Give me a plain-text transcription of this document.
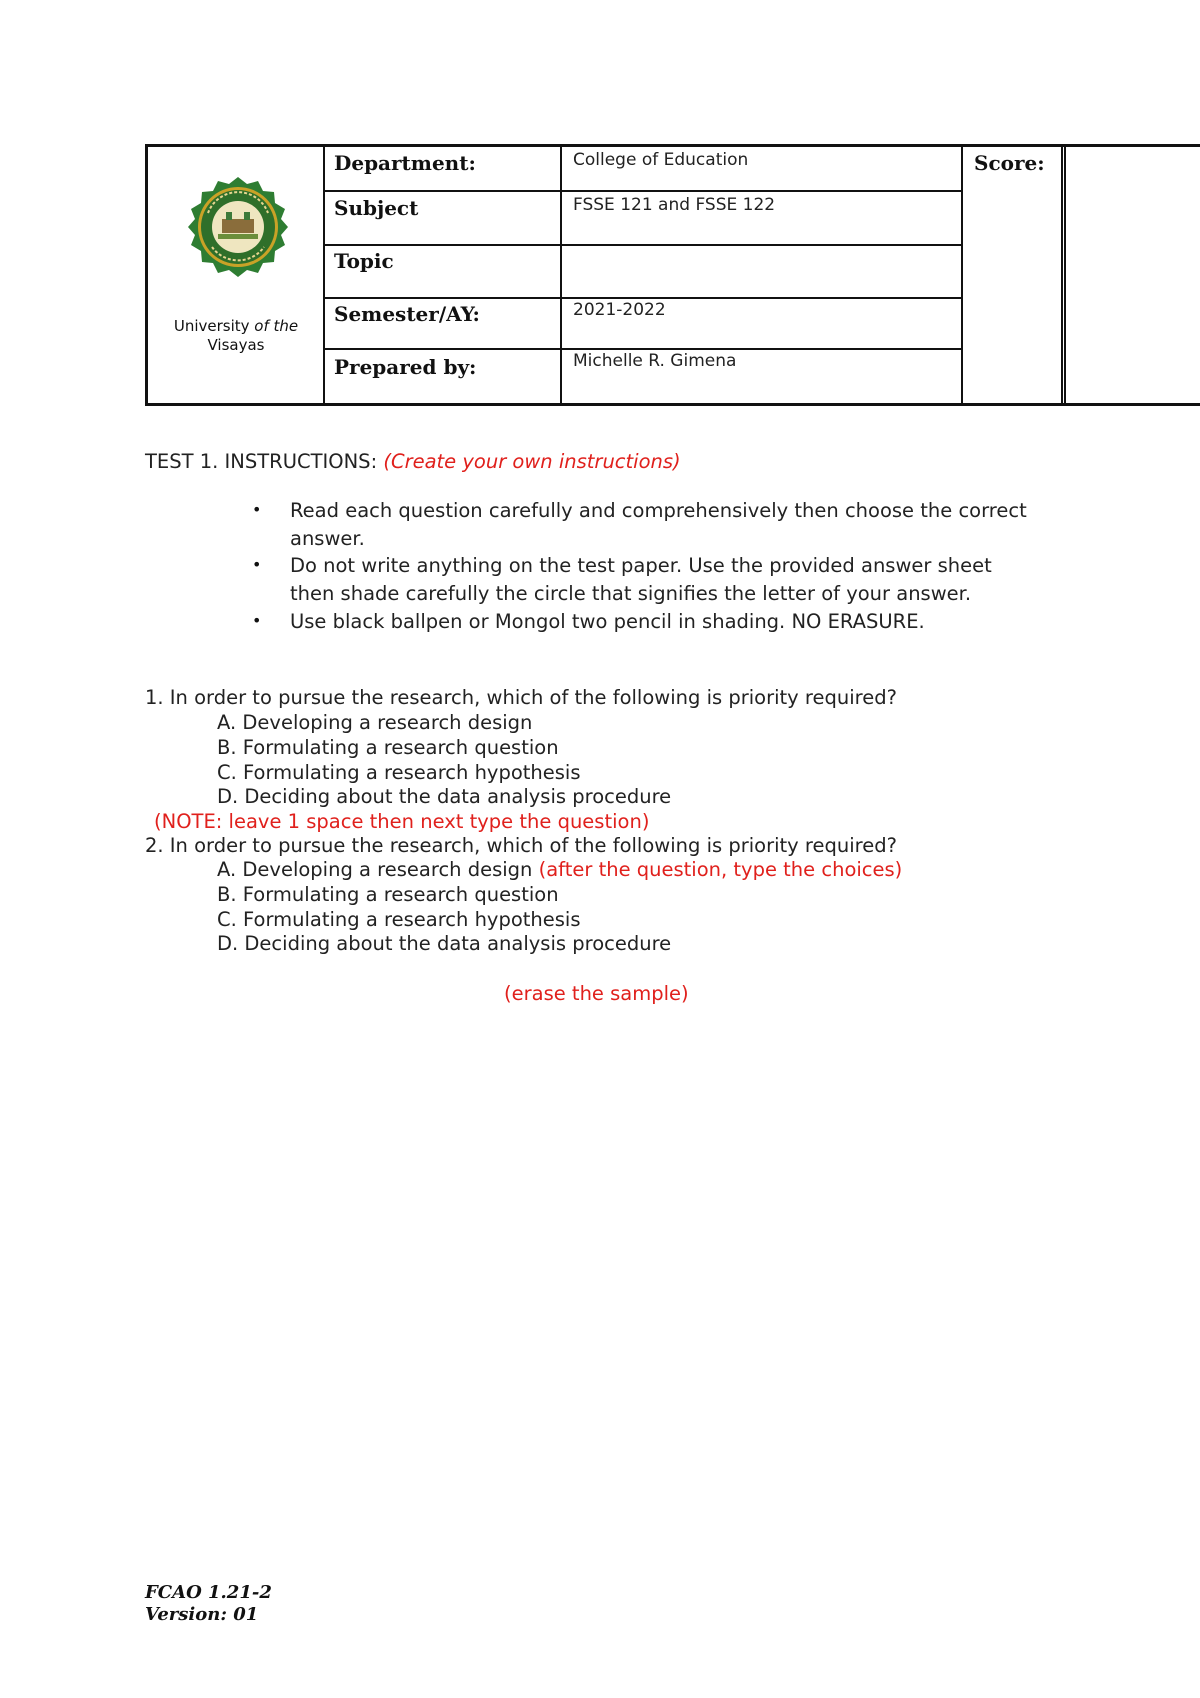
University of the
Visayas
Department:
Subject
Topic
Semester/AY:
Prepared by:
College of Education
FSSE 121 and FSSE 122
2021-2022
Michelle R. Gimena
Score:
TEST 1. INSTRUCTIONS: (Create your own instructions)
• Read each question carefully and comprehensively then choose the correct
answer.
• Do not write anything on the test paper. Use the provided answer sheet
then shade carefully the circle that signifies the letter of your answer.
• Use black ballpen or Mongol two pencil in shading. NO ERASURE.
1. In order to pursue the research, which of the following is priority required?
A. Developing a research design
B. Formulating a research question
C. Formulating a research hypothesis
D. Deciding about the data analysis procedure
(NOTE: leave 1 space then next type the question)
2. In order to pursue the research, which of the following is priority required?
A. Developing a research design (after the question, type the choices)
B. Formulating a research question
C. Formulating a research hypothesis
D. Deciding about the data analysis procedure
(erase the sample)
FCAO 1.21-2
Version: 01
